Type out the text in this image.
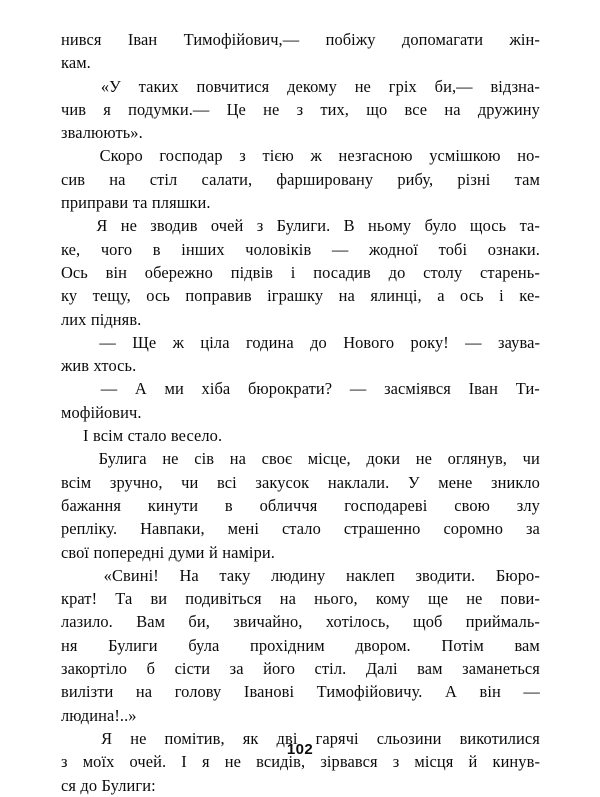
нився Іван Тимофійович,— побіжу допомагати жін-
кам.

«У таких повчитися декому не гріх би,— відзна-
чив я подумки.— Це не з тих, що все на дружину
звалюють».

Скоро господар з тією ж незгасною усмішкою но-
сив на стіл салати, фаршировану рибу, різні там
приправи та пляшки.

Я не зводив очей з Булиги. В ньому було щось та-
ке, чого в інших чоловіків — жодної тобі ознаки.
Ось він обережно підвів і посадив до столу старень-
ку тещу, ось поправив іграшку на ялинці, а ось і ке-
лих підняв.

— Ще ж ціла година до Нового року! — заува-
жив хтось.

— А ми хіба бюрократи? — засміявся Іван Ти-
мофійович.

І всім стало весело.

Булига не сів на своє місце, доки не оглянув, чи
всім зручно, чи всі закусок наклали. У мене зникло
бажання кинути в обличчя господареві свою злу
репліку. Навпаки, мені стало страшенно соромно за
свої попередні думи й наміри.

«Свині! На таку людину наклеп зводити. Бюро-
крат! Та ви подивіться на нього, кому ще не пови-
лазило. Вам би, звичайно, хотілось, щоб приймаль-
ня Булиги була прохідним двором. Потім вам
закортіло б сісти за його стіл. Далі вам заманеться
вилізти на голову Іванові Тимофійовичу. А він —
людина!..»

Я не помітив, як дві гарячі сльозини викотилися
з моїх очей. І я не всидів, зірвався з місця й кинув-
ся до Булиги:

102
